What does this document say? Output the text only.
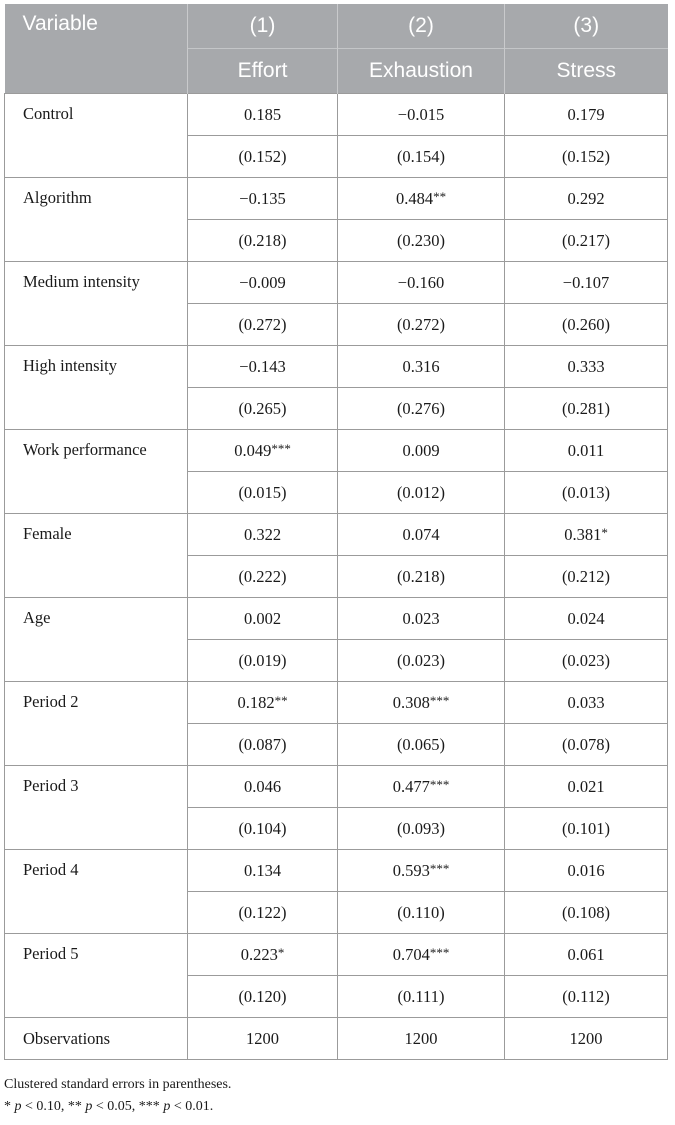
Variable	(1)	(2)	(3)
	Effort	Exhaustion	Stress
Control	0.185	−0.015	0.179
	(0.152)	(0.154)	(0.152)
Algorithm	−0.135	0.484**	0.292
	(0.218)	(0.230)	(0.217)
Medium intensity	−0.009	−0.160	−0.107
	(0.272)	(0.272)	(0.260)
High intensity	−0.143	0.316	0.333
	(0.265)	(0.276)	(0.281)
Work performance	0.049***	0.009	0.011
	(0.015)	(0.012)	(0.013)
Female	0.322	0.074	0.381*
	(0.222)	(0.218)	(0.212)
Age	0.002	0.023	0.024
	(0.019)	(0.023)	(0.023)
Period 2	0.182**	0.308***	0.033
	(0.087)	(0.065)	(0.078)
Period 3	0.046	0.477***	0.021
	(0.104)	(0.093)	(0.101)
Period 4	0.134	0.593***	0.016
	(0.122)	(0.110)	(0.108)
Period 5	0.223*	0.704***	0.061
	(0.120)	(0.111)	(0.112)
Observations	1200	1200	1200
Clustered standard errors in parentheses.
* p < 0.10, ** p < 0.05, *** p < 0.01.
